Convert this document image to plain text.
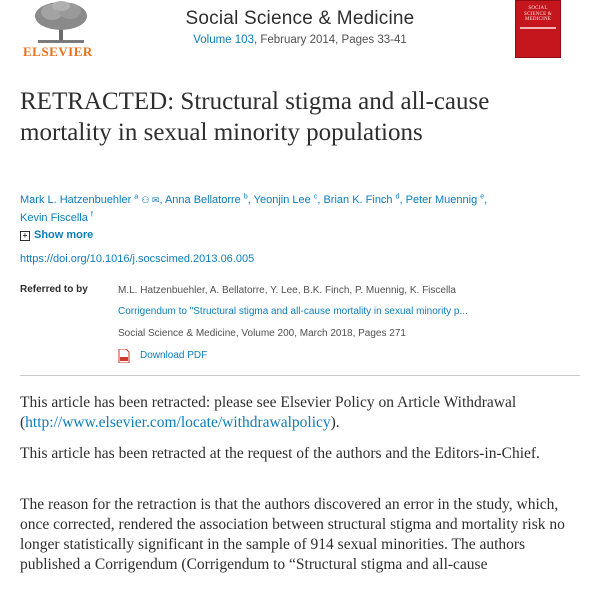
ELSEVIER
Social Science & Medicine
Volume 103, February 2014, Pages 33-41
SOCIAL SCIENCE & MEDICINE
RETRACTED: Structural stigma and all-cause mortality in sexual minority populations
Mark L. Hatzenbuehler $^a$ ⚇ ✉, Anna Bellatorre $^b$, Yeonjin Lee $^c$, Brian K. Finch $^d$, Peter Muennig $^e$,
Kevin Fiscella $^f$
+ Show more
https://doi.org/10.1016/j.socscimed.2013.06.005
Referred to by	M.L. Hatzenbuehler, A. Bellatorre, Y. Lee, B.K. Finch, P. Muennig, K. Fiscella
Corrigendum to "Structural stigma and all-cause mortality in sexual minority p...
Social Science & Medicine, Volume 200, March 2018, Pages 271
Download PDF

This article has been retracted: please see Elsevier Policy on Article Withdrawal (http://www.elsevier.com/locate/withdrawalpolicy).

This article has been retracted at the request of the authors and the Editors-in-Chief.

The reason for the retraction is that the authors discovered an error in the study, which, once corrected, rendered the association between structural stigma and mortality risk no longer statistically significant in the sample of 914 sexual minorities. The authors published a Corrigendum (Corrigendum to “Structural stigma and all-cause
